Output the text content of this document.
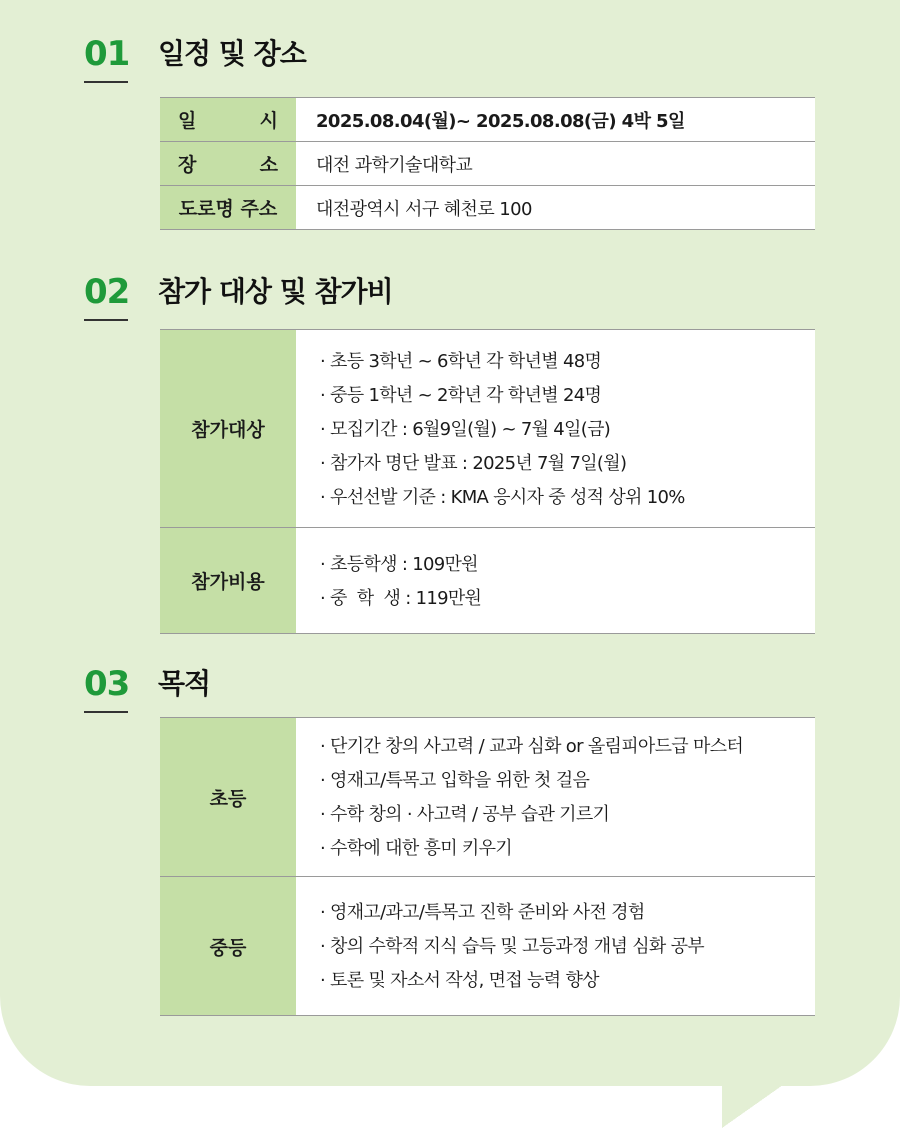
01 일정 및 장소
일 시	2025.08.04(월)~ 2025.08.08(금) 4박 5일

장 소	대전 과학기술대학교
도로명 주소	대전광역시 서구 혜천로 100
02 참가 대상 및 참가비
참가대상	· 초등 3학년 ~ 6학년 각 학년별 48명
· 중등 1학년 ~ 2학년 각 학년별 24명
· 모집기간 : 6월9일(월) ~ 7월 4일(금)
· 참가자 명단 발표 : 2025년 7월 7일(월)
· 우선선발 기준 : KMA 응시자 중 성적 상위 10%

참가비용	· 초등학생 : 109만원
· 중  학  생 : 119만원
03 목적
초등	· 단기간 창의 사고력 / 교과 심화 or 올림피아드급 마스터
· 영재고/특목고 입학을 위한 첫 걸음
· 수학 창의 · 사고력 / 공부 습관 기르기
· 수학에 대한 흥미 키우기

중등	· 영재고/과고/특목고 진학 준비와 사전 경험
· 창의 수학적 지식 습득 및 고등과정 개념 심화 공부
· 토론 및 자소서 작성, 면접 능력 향상
